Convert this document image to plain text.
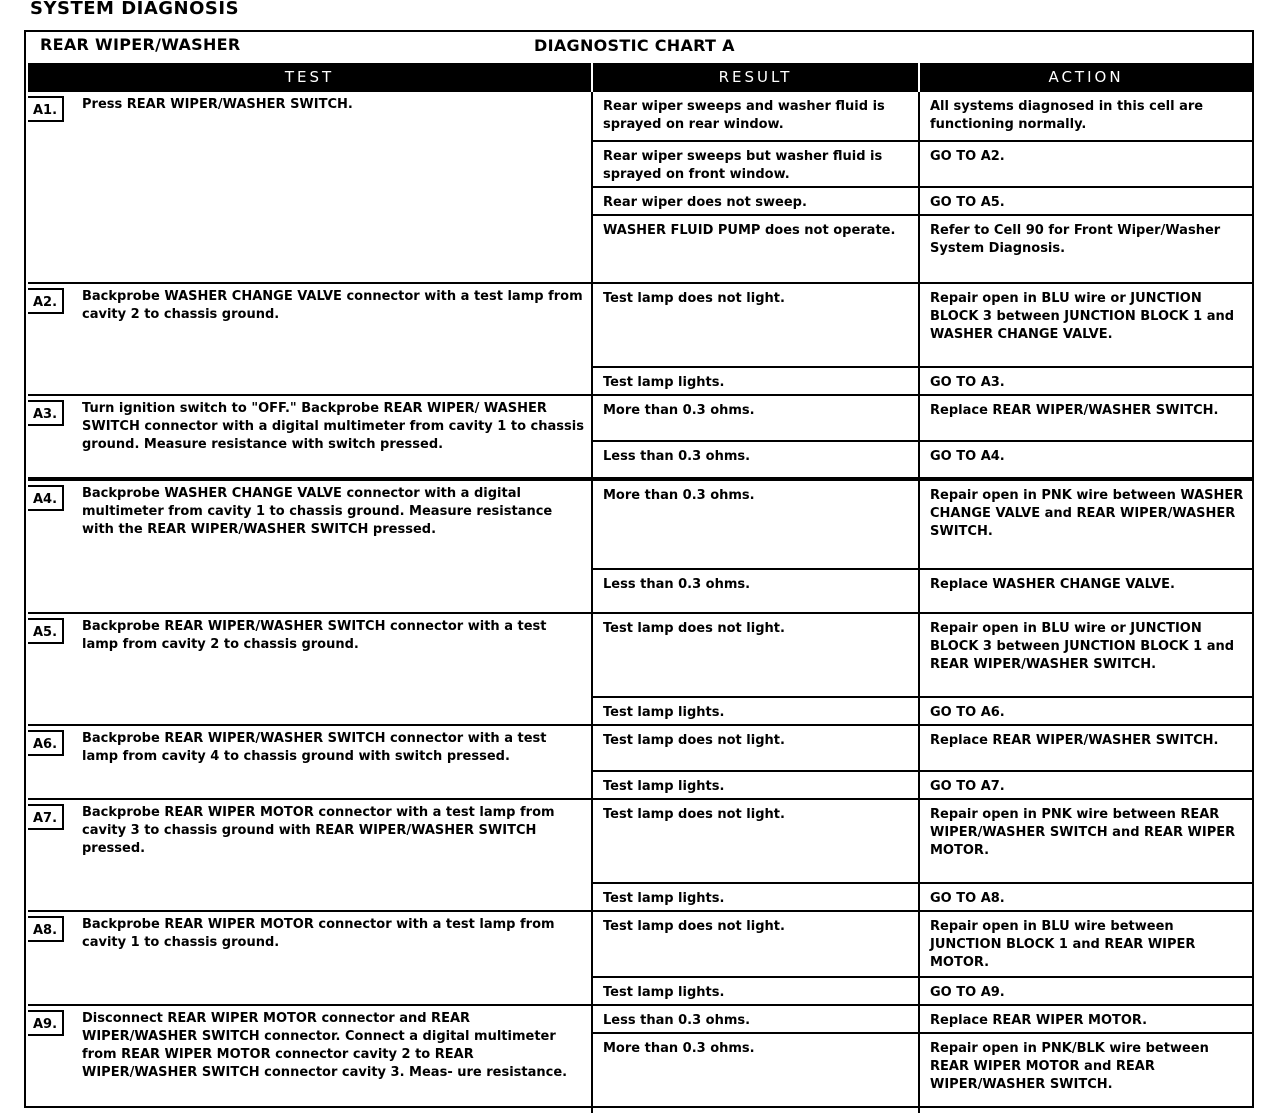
SYSTEM DIAGNOSIS
REAR WIPER/WASHER	DIAGNOSTIC CHART A
TEST	RESULT	ACTION

A1. Press REAR WIPER/WASHER SWITCH.	Rear wiper sweeps and washer fluid is sprayed on rear window.	All systems diagnosed in this cell are functioning normally.
	Rear wiper sweeps but washer fluid is sprayed on front window.	GO TO A2.
	Rear wiper does not sweep.	GO TO A5.
	WASHER FLUID PUMP does not operate.	Refer to Cell 90 for Front Wiper/Washer System Diagnosis.

A2. Backprobe WASHER CHANGE VALVE connector with a test lamp from cavity 2 to chassis ground.	Test lamp does not light.	Repair open in BLU wire or JUNCTION BLOCK 3 between JUNCTION BLOCK 1 and WASHER CHANGE VALVE.
	Test lamp lights.	GO TO A3.

A3. Turn ignition switch to "OFF." Backprobe REAR WIPER/ WASHER SWITCH connector with a digital multimeter from cavity 1 to chassis ground. Measure resistance with switch pressed.	More than 0.3 ohms.	Replace REAR WIPER/WASHER SWITCH.
	Less than 0.3 ohms.	GO TO A4.

A4. Backprobe WASHER CHANGE VALVE connector with a digital multimeter from cavity 1 to chassis ground. Measure resistance with the REAR WIPER/WASHER SWITCH pressed.	More than 0.3 ohms.	Repair open in PNK wire between WASHER CHANGE VALVE and REAR WIPER/WASHER SWITCH.
	Less than 0.3 ohms.	Replace WASHER CHANGE VALVE.

A5. Backprobe REAR WIPER/WASHER SWITCH connector with a test lamp from cavity 2 to chassis ground.	Test lamp does not light.	Repair open in BLU wire or JUNCTION BLOCK 3 between JUNCTION BLOCK 1 and REAR WIPER/WASHER SWITCH.
	Test lamp lights.	GO TO A6.

A6. Backprobe REAR WIPER/WASHER SWITCH connector with a test lamp from cavity 4 to chassis ground with switch pressed.	Test lamp does not light.	Replace REAR WIPER/WASHER SWITCH.
	Test lamp lights.	GO TO A7.

A7. Backprobe REAR WIPER MOTOR connector with a test lamp from cavity 3 to chassis ground with REAR WIPER/WASHER SWITCH pressed.	Test lamp does not light.	Repair open in PNK wire between REAR WIPER/WASHER SWITCH and REAR WIPER MOTOR.
	Test lamp lights.	GO TO A8.

A8. Backprobe REAR WIPER MOTOR connector with a test lamp from cavity 1 to chassis ground.	Test lamp does not light.	Repair open in BLU wire between JUNCTION BLOCK 1 and REAR WIPER MOTOR.
	Test lamp lights.	GO TO A9.

A9. Disconnect REAR WIPER MOTOR connector and REAR WIPER/WASHER SWITCH connector. Connect a digital multimeter from REAR WIPER MOTOR connector cavity 2 to REAR WIPER/WASHER SWITCH connector cavity 3. Meas- ure resistance.	Less than 0.3 ohms.	Replace REAR WIPER MOTOR.
	More than 0.3 ohms.	Repair open in PNK/BLK wire between REAR WIPER MOTOR and REAR WIPER/WASHER SWITCH.
